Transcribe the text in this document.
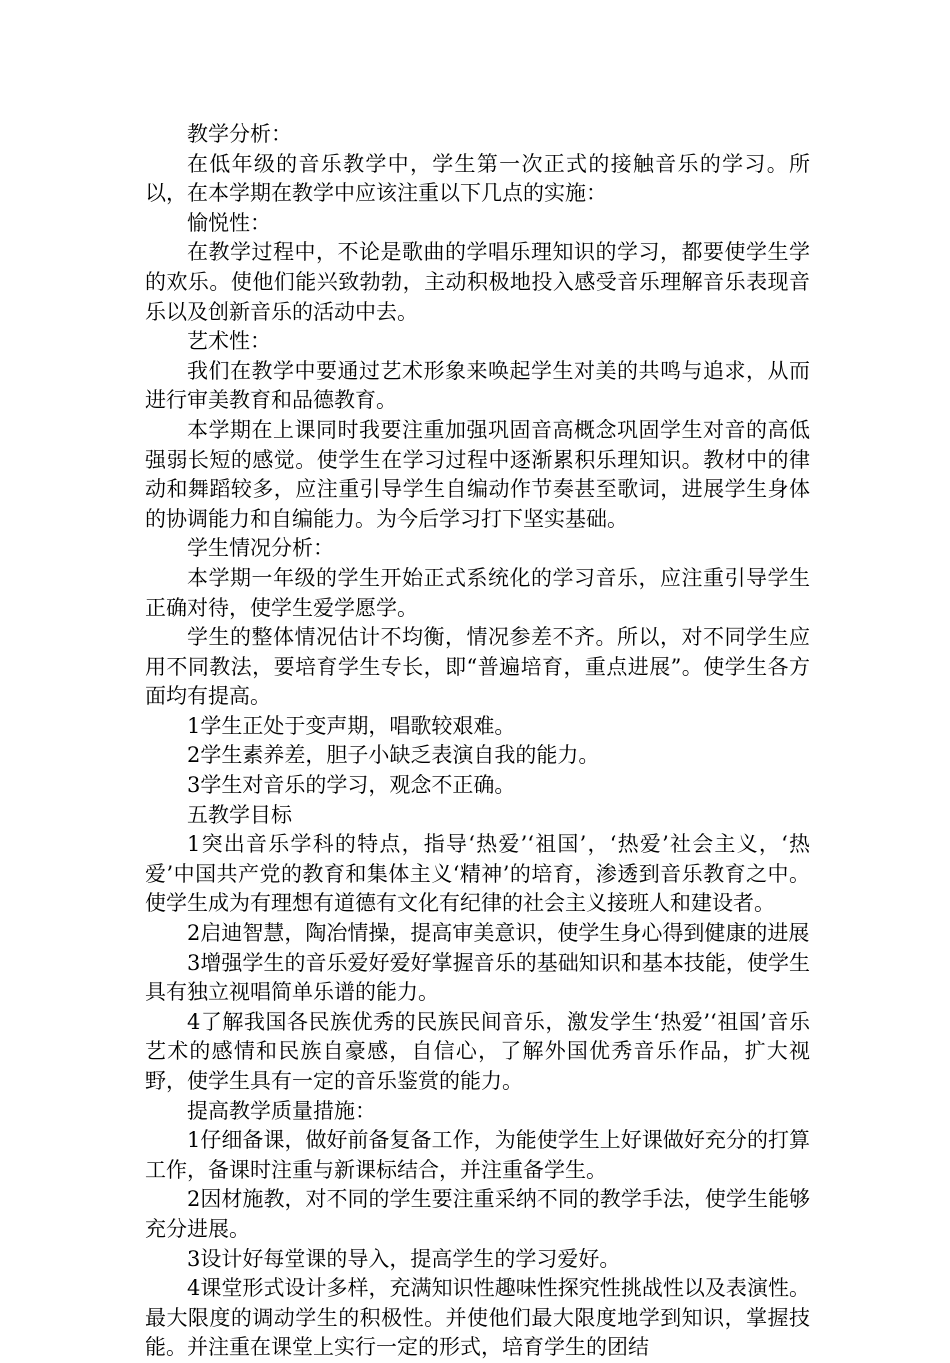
教学分析：

在低年级的音乐教学中，学生第一次正式的接触音乐的学习。所以，在本学期在教学中应该注重以下几点的实施：

愉悦性：

在教学过程中，不论是歌曲的学唱乐理知识的学习，都要使学生学的欢乐。使他们能兴致勃勃，主动积极地投入感受音乐理解音乐表现音乐以及创新音乐的活动中去。

艺术性：

我们在教学中要通过艺术形象来唤起学生对美的共鸣与追求，从而进行审美教育和品德教育。

本学期在上课同时我要注重加强巩固音高概念巩固学生对音的高低强弱长短的感觉。使学生在学习过程中逐渐累积乐理知识。教材中的律动和舞蹈较多，应注重引导学生自编动作节奏甚至歌词，进展学生身体的协调能力和自编能力。为今后学习打下坚实基础。

学生情况分析：

本学期一年级的学生开始正式系统化的学习音乐，应注重引导学生正确对待，使学生爱学愿学。

学生的整体情况估计不均衡，情况参差不齐。所以，对不同学生应用不同教法，要培育学生专长，即“普遍培育，重点进展”。使学生各方面均有提高。

1学生正处于变声期，唱歌较艰难。

2学生素养差，胆子小缺乏表演自我的能力。

3学生对音乐的学习，观念不正确。

五教学目标

1突出音乐学科的特点，指导‘热爱’‘祖国’，‘热爱’社会主义，‘热爱’中国共产党的教育和集体主义‘精神’的培育，渗透到音乐教育之中。使学生成为有理想有道德有文化有纪律的社会主义接班人和建设者。

2启迪智慧，陶冶情操，提高审美意识，使学生身心得到健康的进展

3增强学生的音乐爱好爱好掌握音乐的基础知识和基本技能，使学生具有独立视唱简单乐谱的能力。

4了解我国各民族优秀的民族民间音乐，激发学生‘热爱’‘祖国’音乐艺术的感情和民族自豪感，自信心，了解外国优秀音乐作品，扩大视野，使学生具有一定的音乐鉴赏的能力。

提高教学质量措施：

1仔细备课，做好前备复备工作，为能使学生上好课做好充分的打算工作，备课时注重与新课标结合，并注重备学生。

2因材施教，对不同的学生要注重采纳不同的教学手法，使学生能够充分进展。

3设计好每堂课的导入，提高学生的学习爱好。

4课堂形式设计多样，充满知识性趣味性探究性挑战性以及表演性。最大限度的调动学生的积极性。并使他们最大限度地学到知识，掌握技能。并注重在课堂上实行一定的形式，培育学生的团结
